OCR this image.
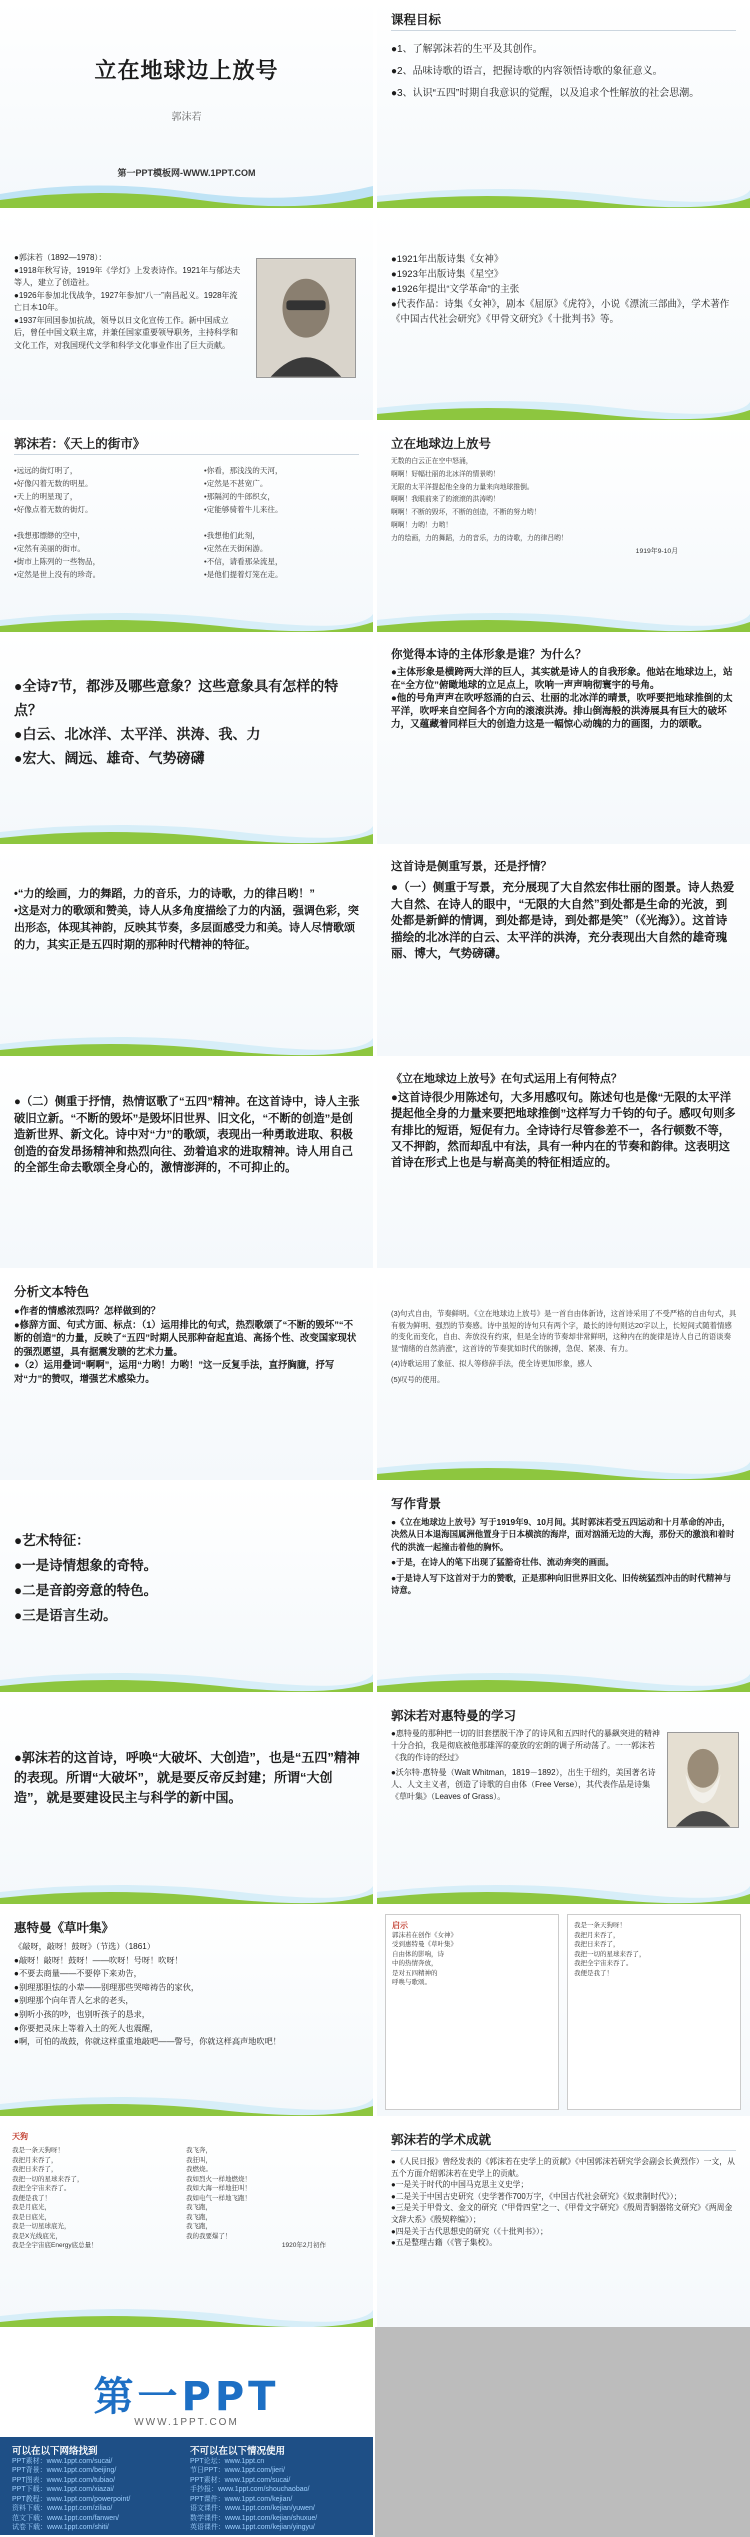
立在地球边上放号
郭沫若
第一PPT模板网-WWW.1PPT.COM
课程目标

●1、了解郭沫若的生平及其创作。

●2、品味诗歌的语言，把握诗歌的内容领悟诗歌的象征意义。

●3、认识“五四”时期自我意识的觉醒，以及追求个性解放的社会思潮。

●郭沫若（1892—1978）：

●1918年秋写诗，1919年《学灯》上发表诗作。1921年与郁达夫等人，建立了创造社。

●1926年参加北伐战争，1927年参加“八一”南昌起义。1928年流亡日本10年。

●1937年回国参加抗战，领导以日文化宣传工作。新中国成立后，曾任中国文联主席，并兼任国家重要领导职务，主持科学和文化工作，对我国现代文学和科学文化事业作出了巨大贡献。

●1921年出版诗集《女神》

●1923年出版诗集《星空》

●1926年提出“文学革命”的主张

●代表作品：诗集《女神》，剧本《屈原》《虎符》，小说《漂流三部曲》，学术著作《中国古代社会研究》《甲骨文研究》《十批判书》等。

郭沫若：《天上的街市》

•远远的街灯明了，

•好像闪着无数的明星。

•天上的明星现了，

•好像点着无数的街灯。

•我想那缥缈的空中，

•定然有美丽的街市。

•街市上陈列的一些物品，

•定然是世上没有的珍奇。

•你看，那浅浅的天河，

•定然是不甚宽广。

•那隔河的牛郎织女，

•定能够骑着牛儿来往。

•我想他们此刻，

•定然在天街闲游。

•不信，请看那朵流星，

•是他们提着灯笼在走。

立在地球边上放号

无数的白云正在空中怒涌，

啊啊！好幅壮丽的北冰洋的情景哟！

无限的太平洋提起他全身的力量来向地球推倒。

啊啊！我眼前来了的滚滚的洪涛哟！

啊啊！不断的毁坏，不断的创造，不断的努力哟！

啊啊！力哟！力哟！

力的绘画，力的舞蹈，力的音乐，力的诗歌，力的律吕哟！

1919年9-10月

●全诗7节，都涉及哪些意象？这些意象具有怎样的特点？

●白云、北冰洋、太平洋、洪涛、我、力

●宏大、阔远、雄奇、气势磅礴

你觉得本诗的主体形象是谁？为什么？

●主体形象是横跨两大洋的巨人，其实就是诗人的自我形象。他站在地球边上，站在“全方位”俯瞰地球的立足点上，吹响一声声响彻寰宇的号角。

●他的号角声声在吹呼怒涌的白云、壮丽的北冰洋的晴景，吹呼要把地球推倒的太平洋，吹呼来自空间各个方向的滚滚洪涛。排山倒海般的洪涛展具有巨大的破坏力，又蕴藏着同样巨大的创造力这是一幅惊心动魄的力的画图，力的颂歌。

•“力的绘画，力的舞蹈，力的音乐，力的诗歌，力的律吕哟！”

•这是对力的歌颂和赞美，诗人从多角度描绘了力的内涵，强调色彩，突出形态，体现其神韵，反映其节奏，多层面感受力和美。诗人尽情歌颂的力，其实正是五四时期的那种时代精神的特征。

这首诗是侧重写景，还是抒情？

●（一）侧重于写景，充分展现了大自然宏伟壮丽的图景。诗人热爱大自然、在诗人的眼中，“无限的大自然”到处都是生命的光波，到处都是新鲜的情调，到处都是诗，到处都是笑”（《光海》）。这首诗描绘的北冰洋的白云、太平洋的洪涛，充分表现出大自然的雄奇瑰丽、博大，气势磅礴。

●（二）侧重于抒情，热情讴歌了“五四”精神。在这首诗中，诗人主张破旧立新。“不断的毁坏”是毁坏旧世界、旧文化，“不断的创造”是创造新世界、新文化。诗中对“力”的歌颂，表现出一种勇敢进取、积极创造的奋发昂扬精神和热烈向往、劲着追求的进取精神。诗人用自己的全部生命去歌颂全身心的，激情澎湃的，不可抑止的。

《立在地球边上放号》在句式运用上有何特点？

●这首诗很少用陈述句，大多用感叹句。陈述句也是像“无限的太平洋提起他全身的力量来要把地球推倒”这样写力千钧的句子。感叹句则多有排比的短语，短促有力。全诗诗行尽管参差不一，各行顿数不等，又不押韵，然而却乱中有法，具有一种内在的节奏和韵律。这表明这首诗在形式上也是与崭高美的特征相适应的。

分析文本特色

●作者的情感浓烈吗？怎样做到的？

●修辞方面、句式方面、标点：（1）运用排比的句式，热烈歌颂了“不断的毁坏”“不断的创造”的力量，反映了“五四”时期人民那种奋起直追、高扬个性、改变国家现状的强烈愿望，具有据震发聩的艺术力量。

●（2）运用叠词“啊啊”，运用“力哟！力哟！”这一反复手法，直抒胸臆，抒写对“力”的赞叹，增强艺术感染力。

(3)句式自由，节奏鲜明。《立在地球边上放号》是一首自由体新诗，这首诗采用了不受严格的自由句式，具有极为鲜明、强烈的节奏感。诗中虽短的诗句只有两个字，最长的诗句则达20字以上，长短间式随着情感的变化而变化，自由、奔放没有约束，但是全诗的节奏却非常鲜明，这种内在的旋律是诗人自己的语谈奏显“情绪的自然消涨”，这首诗的节奏犹如时代的脉搏，急促、紧凑、有力。

(4)诗歌运用了象征、拟人等修辞手法，使全诗更加形象，感人

(5)叹号的使用。

●艺术特征：

●一是诗情想象的奇特。

●二是音韵旁意的特色。

●三是语言生动。

写作背景

●《立在地球边上放号》写于1919年9、10月间。其时郭沫若受五四运动和十月革命的冲击，决然从日本退海国属洲他置身于日本横滨的海岸，面对汹涌无边的大海，那份天的激浪和着时代的洪流一起撞击着他的胸怀。

●于是，在诗人的笔下出现了猛豁奇壮伟、流动奔突的画面。

●于是诗人写下这首对于力的赞歌，正是那种向旧世界旧文化、旧传统猛烈冲击的时代精神与诗意。

●郭沫若的这首诗，呼唤“大破坏、大创造”，也是“五四”精神的表现。所谓“大破坏”，就是要反帝反封建；所谓“大创造”，就是要建设民主与科学的新中国。

郭沫若对惠特曼的学习

●惠特曼的那种把一切的旧套摆脱干净了的诗风和五四时代的暴飙突进的精神十分合拍，我是彻底被他那雄浑的豪放的宏朗的调子所动荡了。一一郭沫若《我的作诗的经过》

●沃尔特·惠特曼（Walt Whitman，1819－1892），出生于纽约，美国著名诗人、人文主义者，创造了诗歌的自由体（Free Verse），其代表作品是诗集《草叶集》（Leaves of Grass）。

惠特曼《草叶集》

《敲呀，敲呀！鼓呀》（节选）（1861）

●敲呀！敲呀！鼓呀！——吹呀！号呀！吹呀！

●不要去商量——不要停下来劝告，

●别理那胆怯的小辈——别理那些哭啼祷告的家伙，

●别理那个向年青人乞求的老头，

●别听小孩的吵，也别听孩子的恳求，

●你要把灵床上等着入土的死人也震醒，

●啊，可怕的战鼓，你就这样重重地敲吧——警号，你就这样高声地吹吧！

启示

郭沫若在创作《女神》

受到惠特曼《草叶集》

自由体的影响，诗

中的热情奔放，

是对五四精神的

呼唤与歌颂。

我是一条天狗呀！

我把月来吞了，

我把日来吞了，

我把一切的星球来吞了，

我把全宇宙来吞了。

我便是我了！

天狗

我是一条天狗呀！

我把月来吞了，

我把日来吞了，

我把一切的星球来吞了，

我把全宇宙来吞了。

我便是我了！

我是月底光，

我是日底光，

我是一切星球底光，

我是X光线底光，

我是全宇宙底Energy底总量！

我飞奔，

我狂叫，

我燃烧。

我如烈火一样地燃烧！

我如大海一样地狂叫！

我如电气一样地飞跑！

我飞跑，

我飞跑，

我飞跑，

我的我要爆了！

1920年2月初作

郭沫若的学术成就

●《人民日报》曾经发表的《郭沫若在史学上的贡献》《中国郭沫若研究学会副会长黄烈作）一文，从五个方面介绍郭沫若在史学上的贡献。

●一是关于时代的中国马克思主义史学；

●二是关于中国古史研究（史学著作700万字，《中国古代社会研究》《奴隶制时代》）；

●三是关于甲骨文、金文的研究（“甲骨四堂”之一、《甲骨文字研究》《殷周青铜器铭文研究》《两周金文辞大系》《殷契粹编》）；

●四是关于古代思想史的研究（《十批判书》）；

●五是整理古籍（《管子集校》。

第一PPT
WWW.1PPT.COM

可以在以下网络找到

PPT素材：www.1ppt.com/sucai/

PPT背景：www.1ppt.com/beijing/

PPT图表：www.1ppt.com/tubiao/

PPT下载：www.1ppt.com/xiazai/

PPT教程：www.1ppt.com/powerpoint/

资料下载：www.1ppt.com/ziliao/

范文下载：www.1ppt.com/fanwen/

试卷下载：www.1ppt.com/shiti/

不可以在以下情况使用

PPT论坛：www.1ppt.cn

节日PPT：www.1ppt.com/jieri/

PPT素材：www.1ppt.com/sucai/

手抄报：www.1ppt.com/shouchaobao/

PPT课件：www.1ppt.com/kejian/

语文课件：www.1ppt.com/kejian/yuwen/

数学课件：www.1ppt.com/kejian/shuxue/

英语课件：www.1ppt.com/kejian/yingyu/
